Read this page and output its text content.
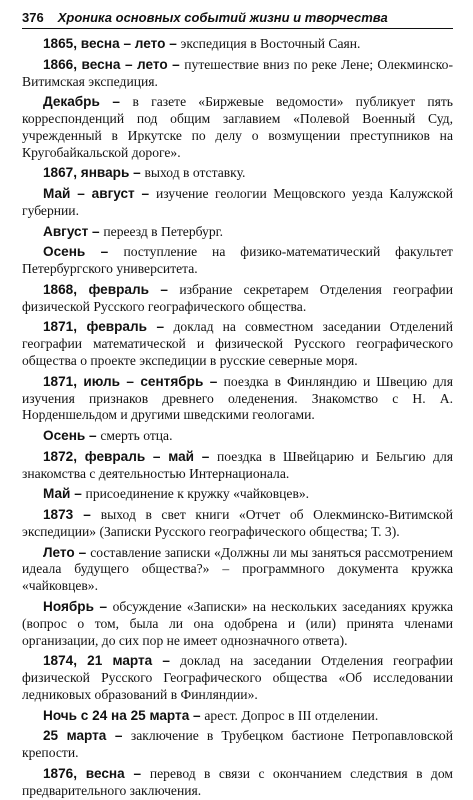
376 Хроника основных событий жизни и творчества

1865, весна – лето – экспедиция в Восточный Саян.

1866, весна – лето – путешествие вниз по реке Лене; Олекминско-Витимская экспедиция.

Декабрь – в газете «Биржевые ведомости» публикует пять корреспонденций под общим заглавием «Полевой Военный Суд, учрежденный в Иркутске по делу о возмущении преступников на Кругобайкальской дороге».

1867, январь – выход в отставку.

Май – август – изучение геологии Мещовского уезда Калужской губернии.

Август – переезд в Петербург.

Осень – поступление на физико-математический факультет Петербургского университета.

1868, февраль – избрание секретарем Отделения географии физической Русского географического общества.

1871, февраль – доклад на совместном заседании Отделений географии математической и физической Русского географического общества о проекте экспедиции в русские северные моря.

1871, июль – сентябрь – поездка в Финляндию и Швецию для изучения признаков древнего оледенения. Знакомство с Н. А. Норденшельдом и другими шведскими геологами.

Осень – смерть отца.

1872, февраль – май – поездка в Швейцарию и Бельгию для знакомства с деятельностью Интернационала.

Май – присоединение к кружку «чайковцев».

1873 – выход в свет книги «Отчет об Олекминско-Витимской экспедиции» (Записки Русского географического общества; Т. 3).

Лето – составление записки «Должны ли мы заняться рассмотрением идеала будущего общества?» – программного документа кружка «чайковцев».

Ноябрь – обсуждение «Записки» на нескольких заседаниях кружка (вопрос о том, была ли она одобрена и (или) принята членами организации, до сих пор не имеет однозначного ответа).

1874, 21 марта – доклад на заседании Отделения географии физической Русского Географического общества «Об исследовании ледниковых образований в Финляндии».

Ночь с 24 на 25 марта – арест. Допрос в III отделении.

25 марта – заключение в Трубецком бастионе Петропавловской крепости.

1876, весна – перевод в связи с окончанием следствия в дом предварительного заключения.
